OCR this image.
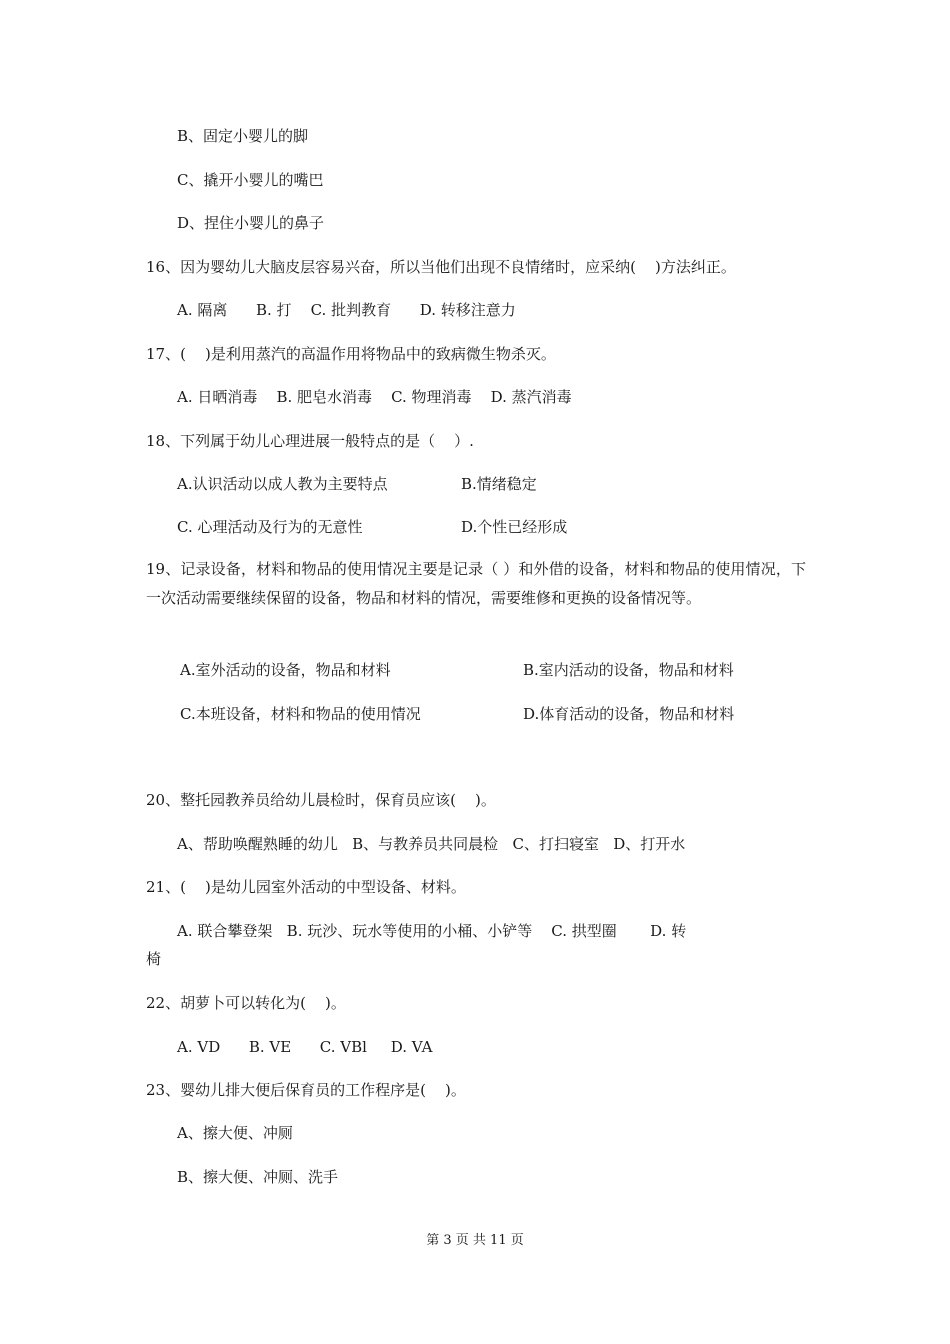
B、固定小婴儿的脚
C、撬开小婴儿的嘴巴
D、捏住小婴儿的鼻子
16、因为婴幼儿大脑皮层容易兴奋，所以当他们出现不良情绪时，应采纳(    )方法纠正。
A. 隔离      B. 打    C. 批判教育      D. 转移注意力
17、(    )是利用蒸汽的高温作用将物品中的致病微生物杀灭。
A. 日晒消毒    B. 肥皂水消毒    C. 物理消毒    D. 蒸汽消毒
18、下列属于幼儿心理进展一般特点的是（    ）.
A.认识活动以成人教为主要特点	B.情绪稳定
C. 心理活动及行为的无意性	D.个性已经形成
19、记录设备，材料和物品的使用情况主要是记录（ ）和外借的设备，材料和物品的使用情况，下一次活动需要继续保留的设备，物品和材料的情况，需要维修和更换的设备情况等。
A.室外活动的设备，物品和材料	B.室内活动的设备，物品和材料
C.本班设备，材料和物品的使用情况	D.体育活动的设备，物品和材料
20、整托园教养员给幼儿晨检时，保育员应该(    )。
A、帮助唤醒熟睡的幼儿   B、与教养员共同晨检   C、打扫寝室   D、打开水
21、(    )是幼儿园室外活动的中型设备、材料。
A. 联合攀登架   B. 玩沙、玩水等使用的小桶、小铲等    C. 拱型圈       D. 转
椅
22、胡萝卜可以转化为(    )。
A. VD      B. VE      C. VBl     D. VA
23、婴幼儿排大便后保育员的工作程序是(    )。
A、擦大便、冲厕
B、擦大便、冲厕、洗手
第 3 页 共 11 页
